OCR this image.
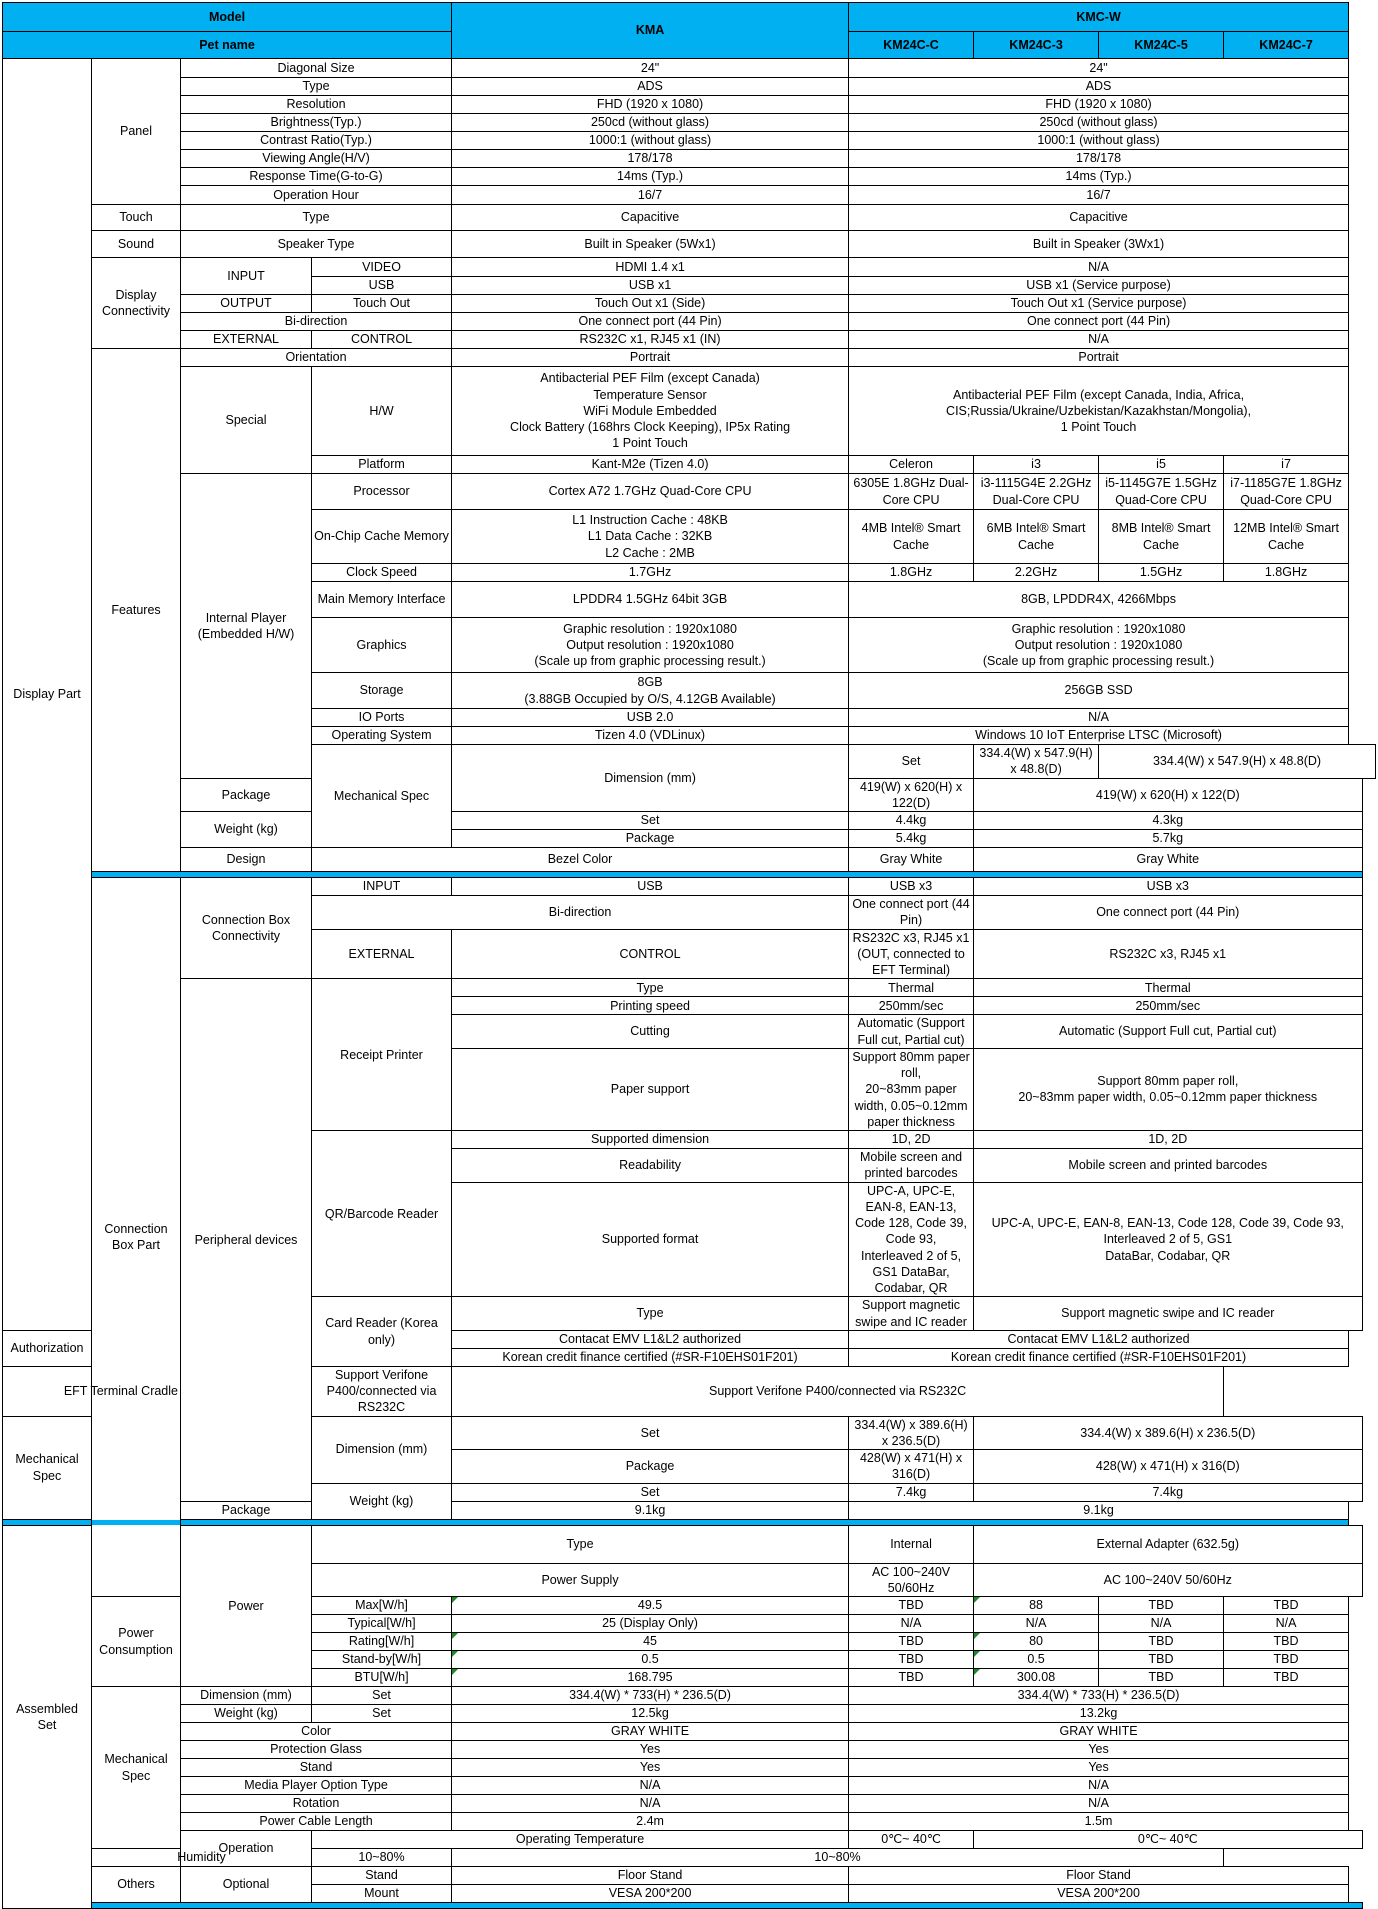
Model				KMA	KMC-W			
Pet name					KM24C-C	KM24C-3	KM24C-5	KM24C-7
Display Part	Panel	Diagonal Size		24"	24"			
		Type		ADS	ADS			
		Resolution		FHD (1920 x 1080)	FHD (1920 x 1080)			
		Brightness(Typ.)		250cd (without glass)	250cd (without glass)			
		Contrast Ratio(Typ.)		1000:1 (without glass)	1000:1 (without glass)			
		Viewing Angle(H/V)		178/178	178/178			
		Response Time(G-to-G)		14ms (Typ.)	14ms (Typ.)			
		Operation Hour		16/7	16/7			
	Touch	Type		Capacitive	Capacitive			
	Sound	Speaker Type		Built in Speaker (5Wx1)	Built in Speaker (3Wx1)			
	Display Connectivity	INPUT	VIDEO	HDMI 1.4 x1	N/A			
			USB	USB x1	USB x1 (Service purpose)			
		OUTPUT	Touch Out	Touch Out x1 (Side)	Touch Out x1 (Service purpose)			
		Bi-direction		One connect port (44 Pin)	One connect port (44 Pin)			
		EXTERNAL	CONTROL	RS232C x1, RJ45 x1 (IN)	N/A			
	Features	Orientation		Portrait	Portrait			
		Special	H/W	Antibacterial PEF Film (except Canada)
Temperature Sensor
WiFi Module Embedded
Clock Battery (168hrs Clock Keeping), IP5x Rating
1 Point Touch	Antibacterial PEF Film (except Canada, India, Africa,
CIS;Russia/Ukraine/Uzbekistan/Kazakhstan/Mongolia),
1 Point Touch			
			Platform	Kant-M2e (Tizen 4.0)	Celeron	i3	i5	i7
		Internal Player (Embedded H/W)	Processor	Cortex A72 1.7GHz Quad-Core CPU	6305E 1.8GHz Dual-Core CPU	i3-1115G4E 2.2GHz Dual-Core CPU	i5-1145G7E 1.5GHz Quad-Core CPU	i7-1185G7E 1.8GHz Quad-Core CPU
			On-Chip Cache Memory	L1 Instruction Cache : 48KB
L1 Data Cache : 32KB
L2 Cache : 2MB	4MB Intel® Smart Cache	6MB Intel® Smart Cache	8MB Intel® Smart Cache	12MB Intel® Smart Cache
			Clock Speed	1.7GHz	1.8GHz	2.2GHz	1.5GHz	1.8GHz
			Main Memory Interface	LPDDR4 1.5GHz 64bit 3GB	8GB, LPDDR4X, 4266Mbps			
			Graphics	Graphic resolution : 1920x1080
Output resolution : 1920x1080
(Scale up from graphic processing result.)	Graphic resolution : 1920x1080
Output resolution : 1920x1080
(Scale up from graphic processing result.)			
			Storage	8GB
(3.88GB Occupied by O/S, 4.12GB Available)	256GB SSD			
			IO Ports	USB 2.0	N/A			
			Operating System	Tizen 4.0 (VDLinux)	Windows 10 IoT Enterprise LTSC (Microsoft)			
			Mechanical Spec	Dimension (mm)	Set	334.4(W) x 547.9(H) x 48.8(D)	334.4(W) x 547.9(H) x 48.8(D)	
		Package			419(W) x 620(H) x 122(D)	419(W) x 620(H) x 122(D)		
		Weight (kg)		Set	4.4kg	4.3kg		
				Package	5.4kg	5.7kg		
		Design	Bezel Color		Gray White	Gray White		

	Connection Box Part	Connection Box Connectivity	INPUT	USB	USB x3	USB x3		
			Bi-direction		One connect port (44 Pin)	One connect port (44 Pin)		
			EXTERNAL	CONTROL	RS232C x3, RJ45 x1 (OUT, connected to EFT Terminal)	RS232C x3, RJ45 x1		
		Peripheral devices	Receipt Printer	Type	Thermal	Thermal		
				Printing speed	250mm/sec	250mm/sec		
				Cutting	Automatic (Support Full cut, Partial cut)	Automatic (Support Full cut, Partial cut)		
				Paper support	Support 80mm paper roll,
20~83mm paper width, 0.05~0.12mm paper thickness	Support 80mm paper roll,
20~83mm paper width, 0.05~0.12mm paper thickness		
			QR/Barcode Reader	Supported dimension	1D, 2D	1D, 2D		
				Readability	Mobile screen and printed barcodes	Mobile screen and printed barcodes		
				Supported format	UPC-A, UPC-E, EAN-8, EAN-13, Code 128, Code 39, Code 93,
Interleaved 2 of 5, GS1 DataBar, Codabar, QR	UPC-A, UPC-E, EAN-8, EAN-13, Code 128, Code 39, Code 93, Interleaved 2 of 5, GS1
DataBar, Codabar, QR		
			Card Reader (Korea only)	Type	Support magnetic swipe and IC reader	Support magnetic swipe and IC reader		
Authorization				Contacat EMV L1&L2 authorized	Contacat EMV L1&L2 authorized			
				Korean credit finance certified (#SR-F10EHS01F201)	Korean credit finance certified (#SR-F10EHS01F201)			
EFT Terminal Cradle			Support Verifone P400/connected via RS232C	Support Verifone P400/connected via RS232C				
Mechanical Spec			Dimension (mm)	Set	334.4(W) x 389.6(H) x 236.5(D)	334.4(W) x 389.6(H) x 236.5(D)		
				Package	428(W) x 471(H) x 316(D)	428(W) x 471(H) x 316(D)		
			Weight (kg)	Set	7.4kg	7.4kg		
		Package		9.1kg	9.1kg			

Assembled Set		Power	Type		Internal	External Adapter (632.5g)		
			Power Supply		AC 100~240V 50/60Hz	AC 100~240V 50/60Hz		
	Power Consumption		Max[W/h]	49.5	TBD	88	TBD	TBD
			Typical[W/h]	25 (Display Only)	N/A	N/A	N/A	N/A
			Rating[W/h]	45	TBD	80	TBD	TBD
			Stand-by[W/h]	0.5	TBD	0.5	TBD	TBD
			BTU[W/h]	168.795	TBD	300.08	TBD	TBD
	Mechanical Spec	Dimension (mm)	Set	334.4(W) * 733(H) * 236.5(D)	334.4(W) * 733(H) * 236.5(D)			
		Weight (kg)	Set	12.5kg	13.2kg			
		Color		GRAY WHITE	GRAY WHITE			
		Protection Glass		Yes	Yes			
		Stand		Yes	Yes			
		Media Player Option Type		N/A	N/A			
		Rotation		N/A	N/A			
		Power Cable Length		2.4m	1.5m			
		Operation	Operating Temperature		0℃~ 40℃	0℃~ 40℃		
	Humidity		10~80%	10~80%				
	Others	Optional	Stand	Floor Stand	Floor Stand			
			Mount	VESA 200*200	VESA 200*200			
